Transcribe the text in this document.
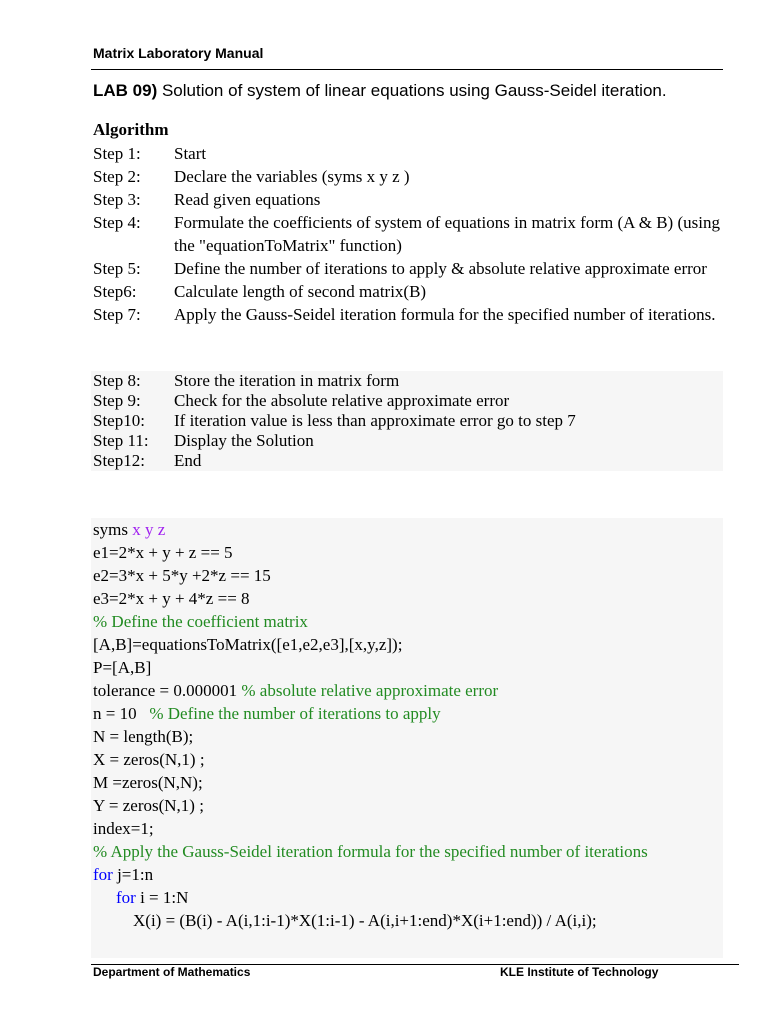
Matrix Laboratory Manual
LAB 09) Solution of system of linear equations using Gauss-Seidel iteration.
Algorithm
Step 1:	Start
Step 2:	Declare the variables (syms x y z )
Step 3:	Read given equations
Step 4:	Formulate the coefficients of system of equations in matrix form (A & B) (using the "equationToMatrix" function)
Step 5:	Define the number of iterations to apply & absolute relative approximate error
Step6:	Calculate length of second matrix(B)
Step 7:	Apply the Gauss-Seidel iteration formula for the specified number of iterations.
Step 8:	Store the iteration in matrix form
Step 9:	Check for the absolute relative approximate error
Step10:	If iteration value is less than approximate error go to step 7
Step 11:	Display the Solution
Step12:	End
syms x y z
e1=2*x + y + z == 5
e2=3*x + 5*y +2*z == 15
e3=2*x + y + 4*z == 8
% Define the coefficient matrix
[A,B]=equationsToMatrix([e1,e2,e3],[x,y,z]);
P=[A,B]
tolerance = 0.000001 % absolute relative approximate error
n = 10   % Define the number of iterations to apply
N = length(B);
X = zeros(N,1) ;
M =zeros(N,N);
Y = zeros(N,1) ;
index=1;
% Apply the Gauss-Seidel iteration formula for the specified number of iterations
for j=1:n
for i = 1:N
X(i) = (B(i) - A(i,1:i-1)*X(1:i-1) - A(i,i+1:end)*X(i+1:end)) / A(i,i);
Department of Mathematics	KLE Institute of Technology
